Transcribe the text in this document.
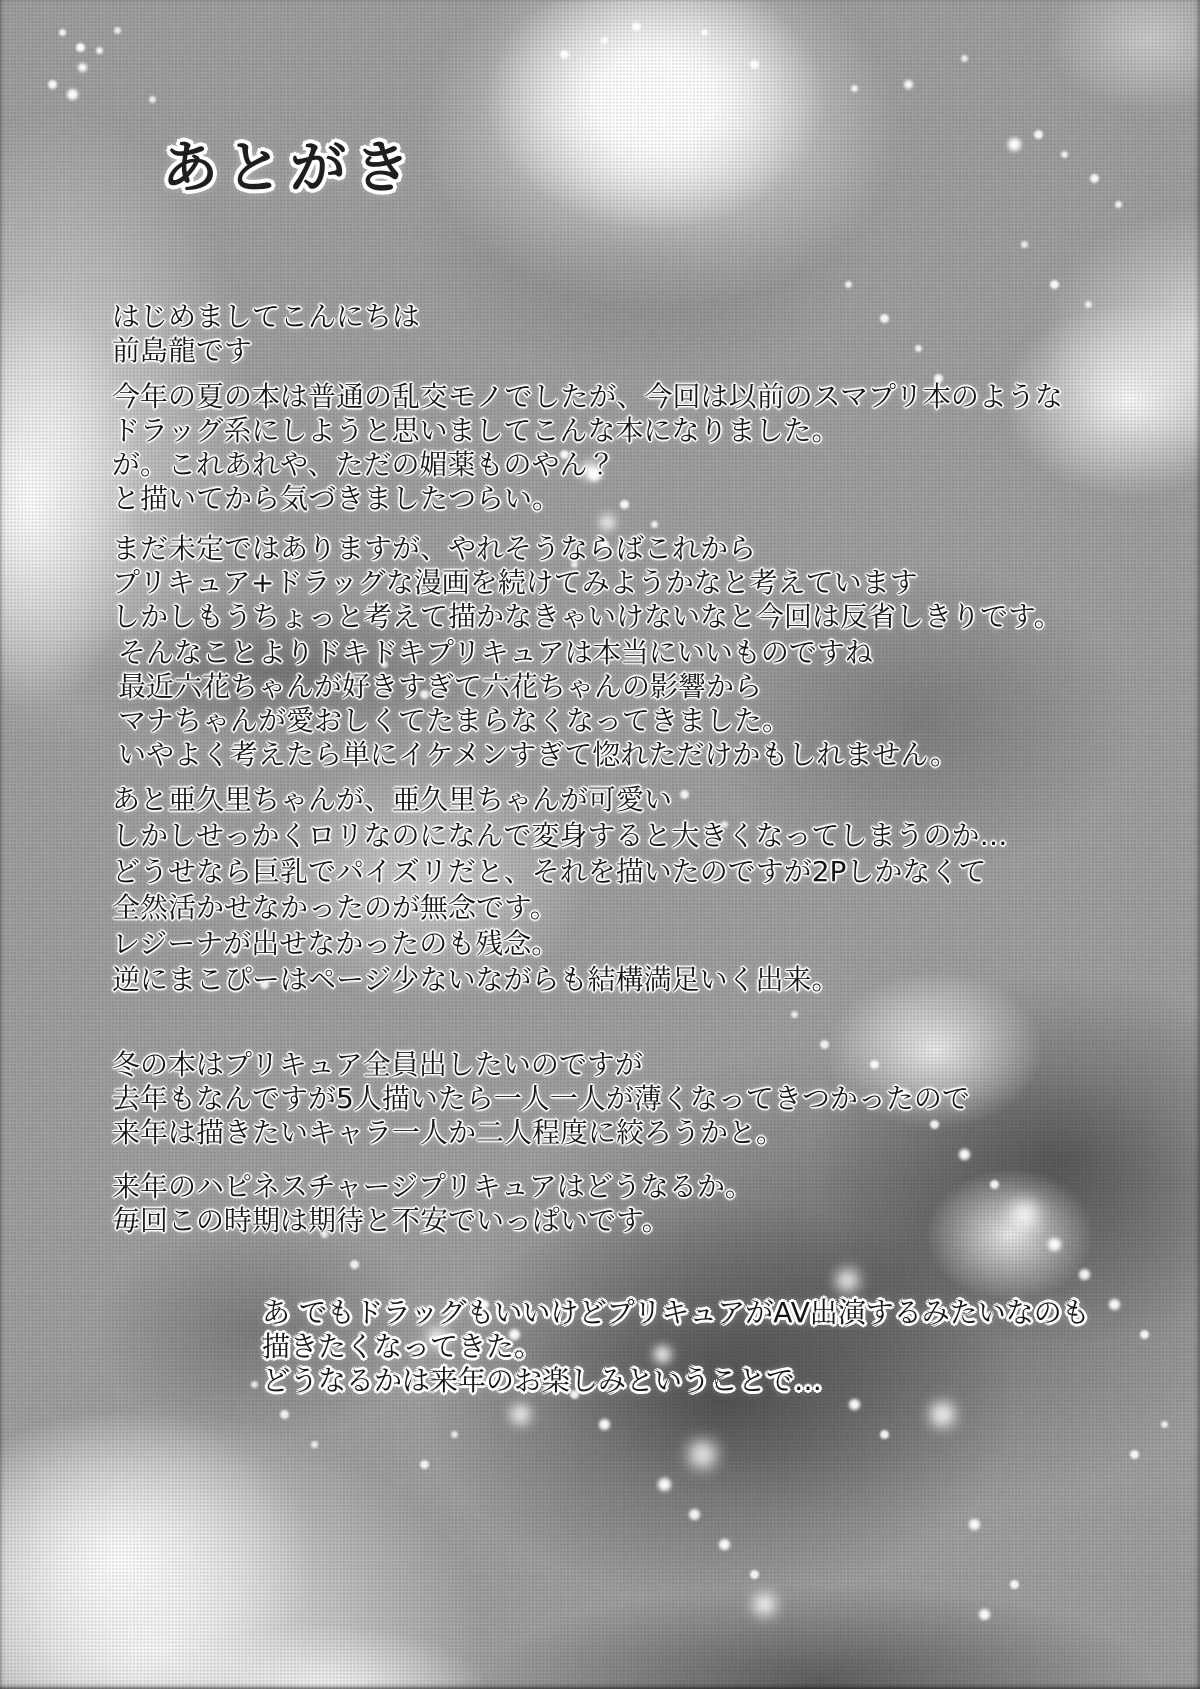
あとがき
はじめましてこんにちは
前島龍です
今年の夏の本は普通の乱交モノでしたが、今回は以前のスマプリ本のような
ドラッグ系にしようと思いましてこんな本になりました。
が。これあれや、ただの媚薬ものやん？
と描いてから気づきましたつらい。
まだ未定ではありますが、やれそうならばこれから
プリキュア+ドラッグな漫画を続けてみようかなと考えています
しかしもうちょっと考えて描かなきゃいけないなと今回は反省しきりです。
そんなことよりドキドキプリキュアは本当にいいものですね
最近六花ちゃんが好きすぎて六花ちゃんの影響から
マナちゃんが愛おしくてたまらなくなってきました。
いやよく考えたら単にイケメンすぎて惚れただけかもしれません。
あと亜久里ちゃんが、亜久里ちゃんが可愛い
しかしせっかくロリなのになんで変身すると大きくなってしまうのか…
どうせなら巨乳でパイズリだと、それを描いたのですが2Pしかなくて
全然活かせなかったのが無念です。
レジーナが出せなかったのも残念。
逆にまこぴーはページ少ないながらも結構満足いく出来。
冬の本はプリキュア全員出したいのですが
去年もなんですが5人描いたら一人一人が薄くなってきつかったので
来年は描きたいキャラ一人か二人程度に絞ろうかと。
来年のハピネスチャージプリキュアはどうなるか。
毎回この時期は期待と不安でいっぱいです。
あ でもドラッグもいいけどプリキュアがAV出演するみたいなのも
描きたくなってきた。
どうなるかは来年のお楽しみということで…
